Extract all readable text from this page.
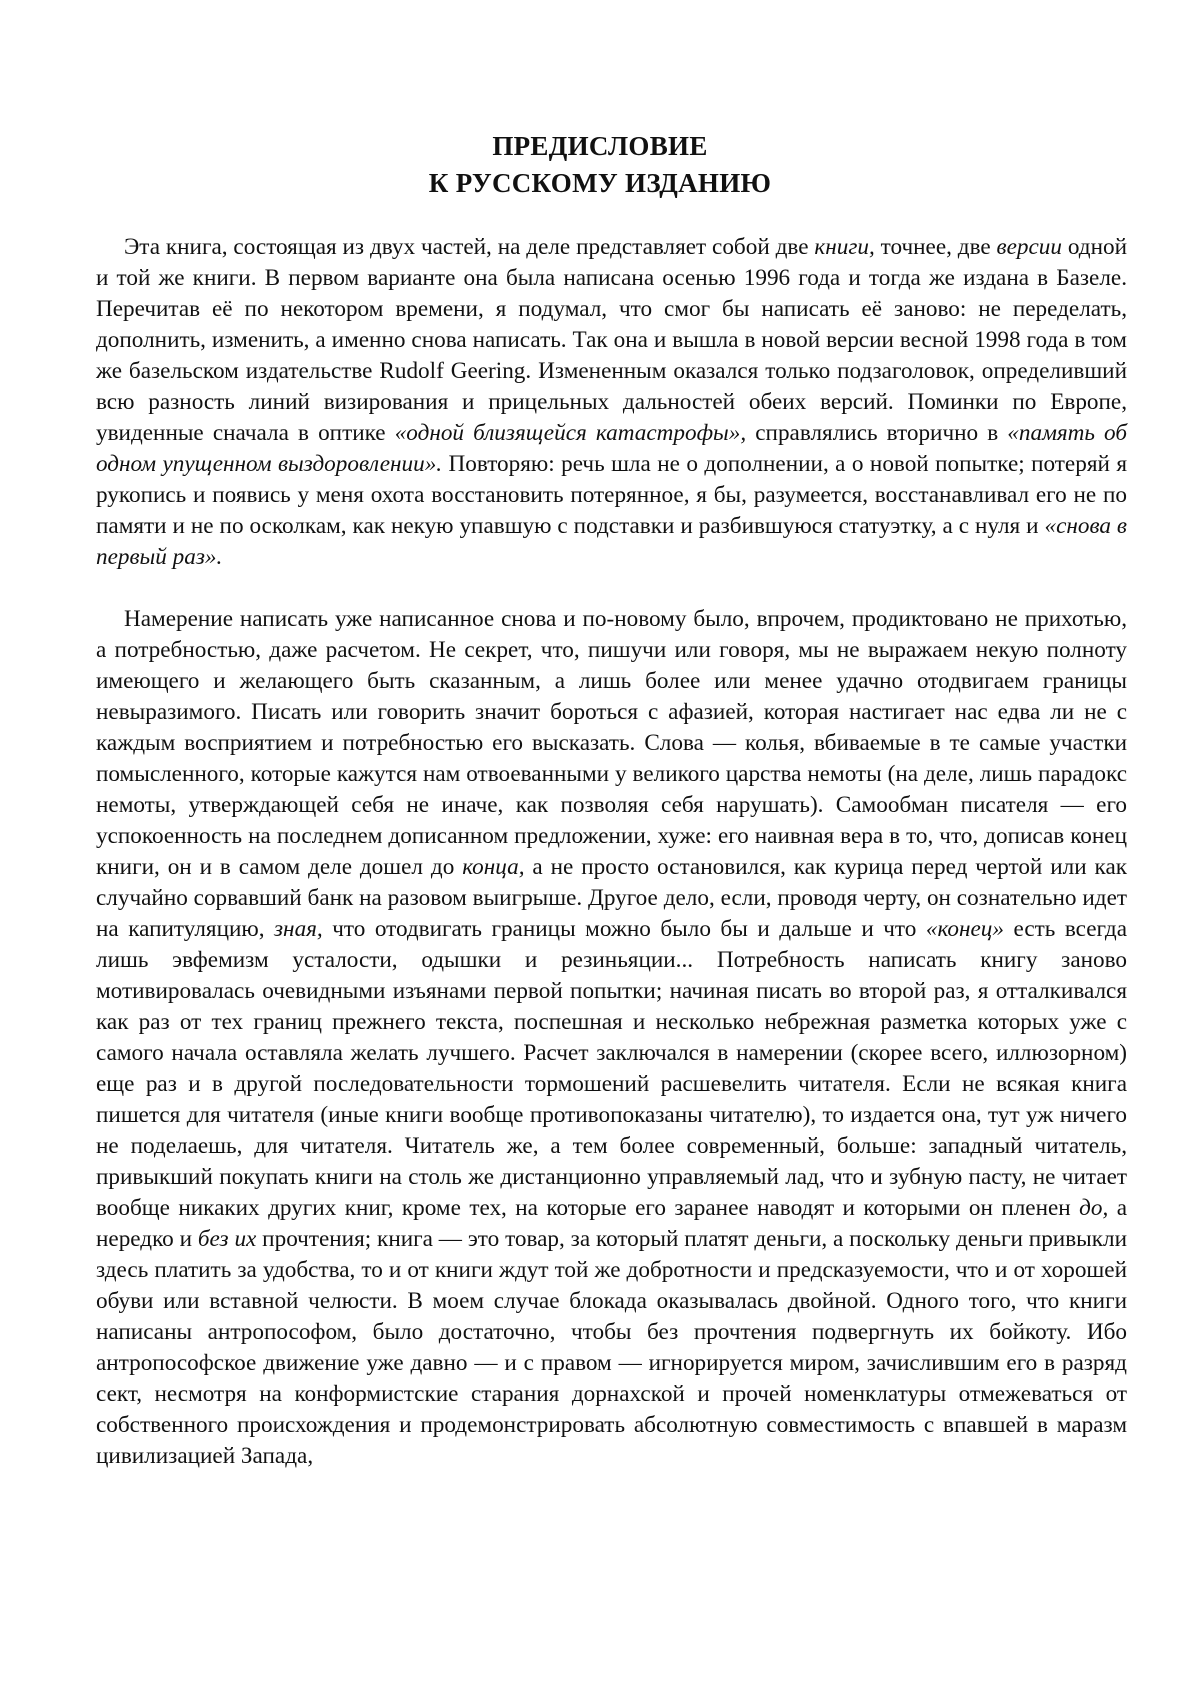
ПРЕДИСЛОВИЕ
К РУССКОМУ ИЗДАНИЮ

Эта книга, состоящая из двух частей, на деле представляет собой две книги, точнее, две версии одной и той же книги. В первом варианте она была написана осенью 1996 года и тогда же издана в Базеле. Перечитав её по некотором времени, я подумал, что смог бы написать её заново: не переделать, дополнить, изменить, а именно снова написать. Так она и вышла в новой версии весной 1998 года в том же базельском издательстве Rudolf Geering. Измененным оказался только подзаголовок, определивший всю разность линий визирования и прицельных дальностей обеих версий. Поминки по Европе, увиденные сначала в оптике «одной близящейся катастрофы», справлялись вторично в «память об одном упущенном выздоровлении». Повторяю: речь шла не о дополнении, а о новой попытке; потеряй я рукопись и появись у меня охота восстановить потерянное, я бы, разумеется, восстанавливал его не по памяти и не по осколкам, как некую упавшую с подставки и разбившуюся статуэтку, а с нуля и «снова в первый раз».

Намерение написать уже написанное снова и по-новому было, впрочем, продиктовано не прихотью, а потребностью, даже расчетом. Не секрет, что, пишучи или говоря, мы не выражаем некую полноту имеющего и желающего быть сказанным, а лишь более или менее удачно отодвигаем границы невыразимого. Писать или говорить значит бороться с афазией, которая настигает нас едва ли не с каждым восприятием и потребностью его высказать. Слова — колья, вбиваемые в те самые участки помысленного, которые кажутся нам отвоеванными у великого царства немоты (на деле, лишь парадокс немоты, утверждающей себя не иначе, как позволяя себя нарушать). Самообман писателя — его успокоенность на последнем дописанном предложении, хуже: его наивная вера в то, что, дописав конец книги, он и в самом деле дошел до конца, а не просто остановился, как курица перед чертой или как случайно сорвавший банк на разовом выигрыше. Другое дело, если, проводя черту, он сознательно идет на капитуляцию, зная, что отодвигать границы можно было бы и дальше и что «конец» есть всегда лишь эвфемизм усталости, одышки и резиньяции... Потребность написать книгу заново мотивировалась очевидными изъянами первой попытки; начиная писать во второй раз, я отталкивался как раз от тех границ прежнего текста, поспешная и несколько небрежная разметка которых уже с самого начала оставляла желать лучшего. Расчет заключался в намерении (скорее всего, иллюзорном) еще раз и в другой последовательности тормошений расшевелить читателя. Если не всякая книга пишется для читателя (иные книги вообще противопоказаны читателю), то издается она, тут уж ничего не поделаешь, для читателя. Читатель же, а тем более современный, больше: западный читатель, привыкший покупать книги на столь же дистанционно управляемый лад, что и зубную пасту, не читает вообще никаких других книг, кроме тех, на которые его заранее наводят и которыми он пленен до, а нередко и без их прочтения; книга — это товар, за который платят деньги, а поскольку деньги привыкли здесь платить за удобства, то и от книги ждут той же добротности и предсказуемости, что и от хорошей обуви или вставной челюсти. В моем случае блокада оказывалась двойной. Одного того, что книги написаны антропософом, было достаточно, чтобы без прочтения подвергнуть их бойкоту. Ибо антропософское движение уже давно — и с правом — игнорируется миром, зачислившим его в разряд сект, несмотря на конформистские старания дорнахской и прочей номенклатуры отмежеваться от собственного происхождения и продемонстрировать абсолютную совместимость с впавшей в маразм цивилизацией Запада,
